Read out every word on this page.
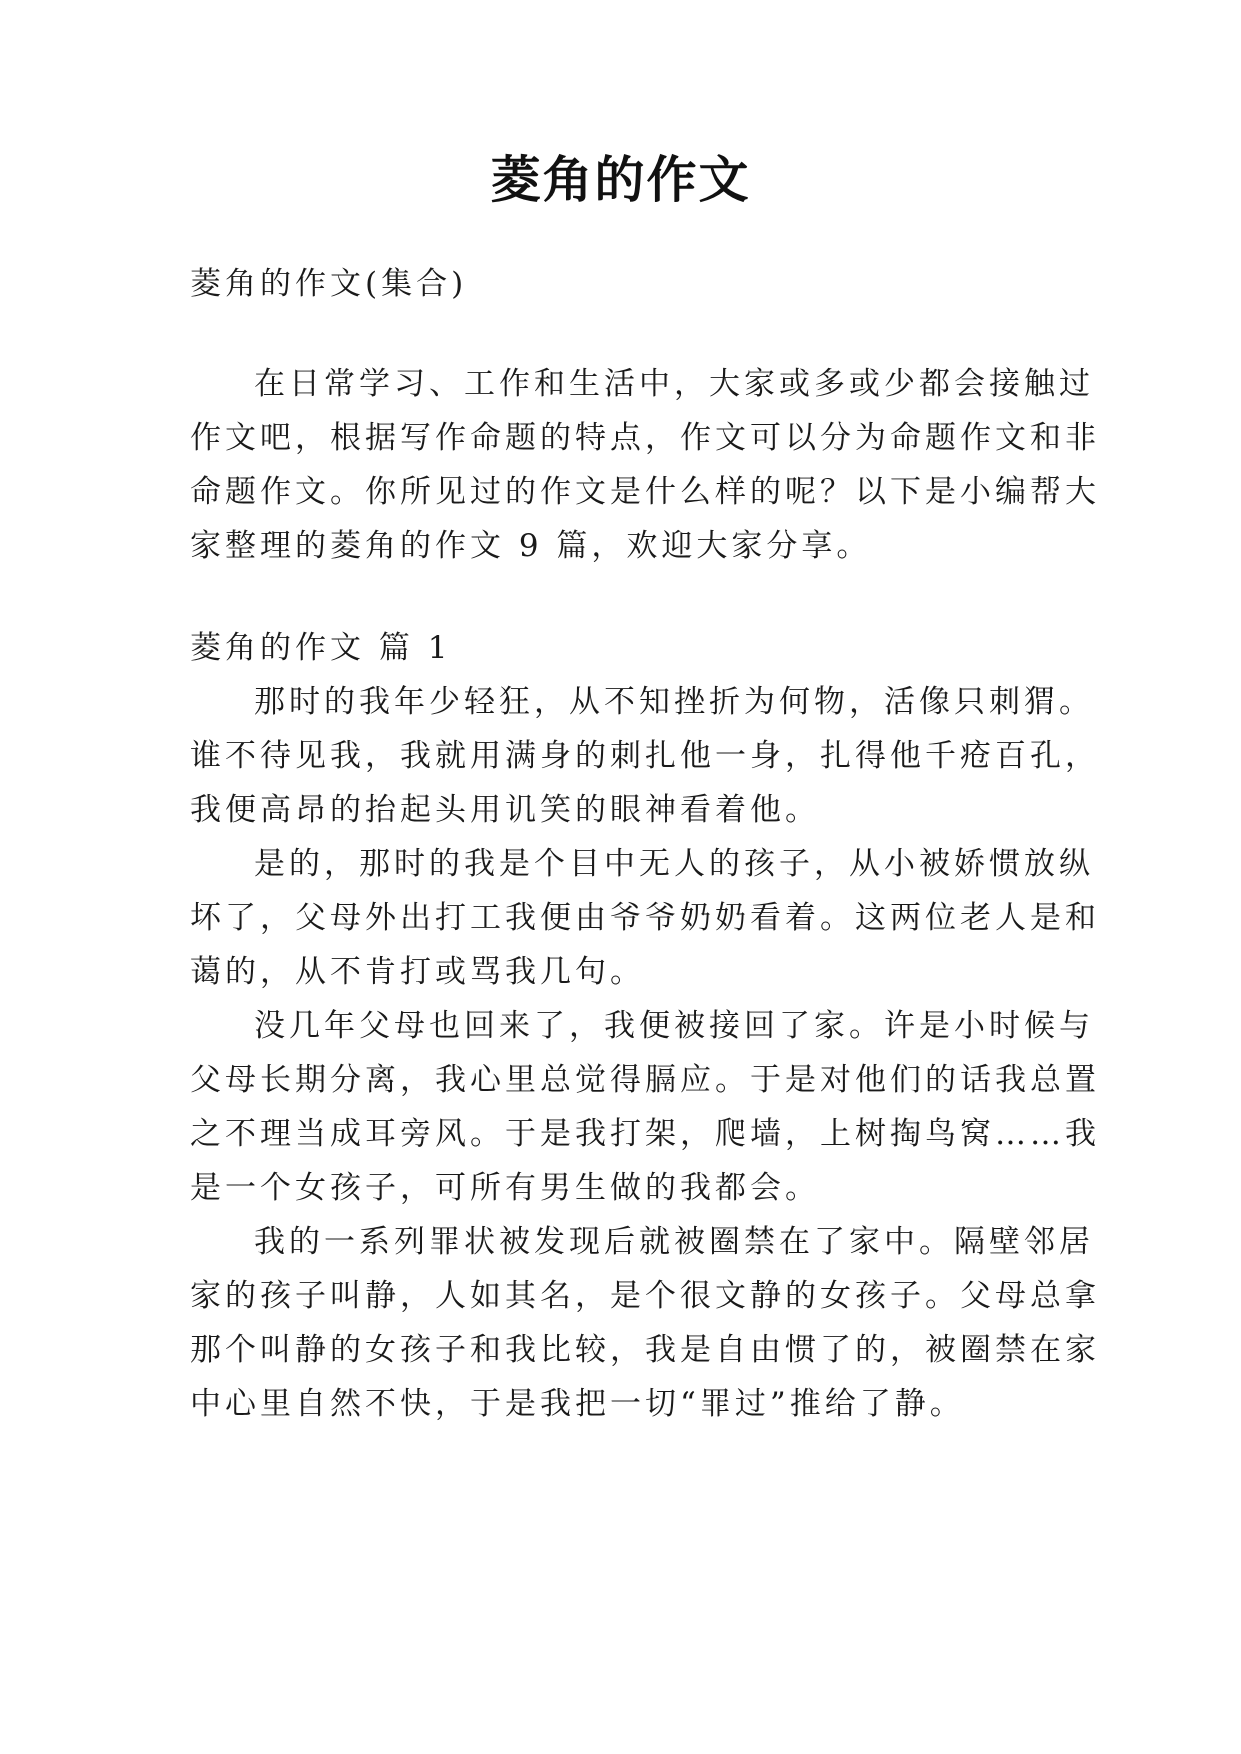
菱角的作文
菱角的作文(集合)
在日常学习、工作和生活中，大家或多或少都会接触过
作文吧，根据写作命题的特点，作文可以分为命题作文和非
命题作文。你所见过的作文是什么样的呢？以下是小编帮大
家整理的菱角的作文 9 篇，欢迎大家分享。
菱角的作文 篇 1
那时的我年少轻狂，从不知挫折为何物，活像只刺猬。
谁不待见我，我就用满身的刺扎他一身，扎得他千疮百孔，
我便高昂的抬起头用讥笑的眼神看着他。
是的，那时的我是个目中无人的孩子，从小被娇惯放纵
坏了，父母外出打工我便由爷爷奶奶看着。这两位老人是和
蔼的，从不肯打或骂我几句。
没几年父母也回来了，我便被接回了家。许是小时候与
父母长期分离，我心里总觉得膈应。于是对他们的话我总置
之不理当成耳旁风。于是我打架，爬墙，上树掏鸟窝……我
是一个女孩子，可所有男生做的我都会。
我的一系列罪状被发现后就被圈禁在了家中。隔壁邻居
家的孩子叫静，人如其名，是个很文静的女孩子。父母总拿
那个叫静的女孩子和我比较，我是自由惯了的，被圈禁在家
中心里自然不快，于是我把一切“罪过”推给了静。
